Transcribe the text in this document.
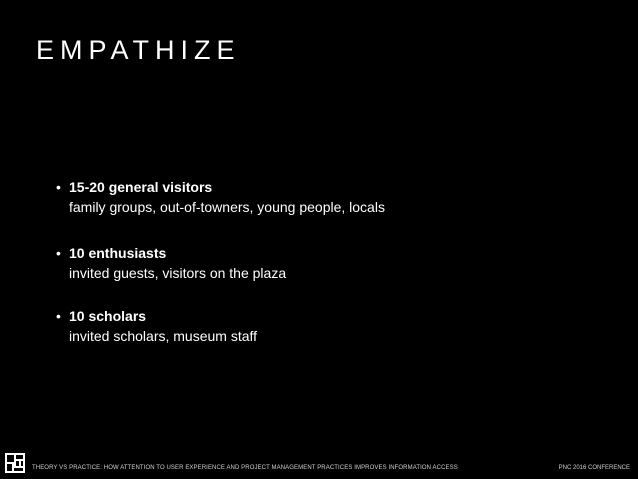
EMPATHIZE
• 15-20 general visitors
family groups, out-of-towners, young people, locals
• 10 enthusiasts
invited guests, visitors on the plaza
• 10 scholars
invited scholars, museum staff
THEORY VS PRACTICE: HOW ATTENTION TO USER EXPERIENCE AND PROJECT MANAGEMENT PRACTICES IMPROVES INFORMATION ACCESS	PNC 2016 CONFERENCE
